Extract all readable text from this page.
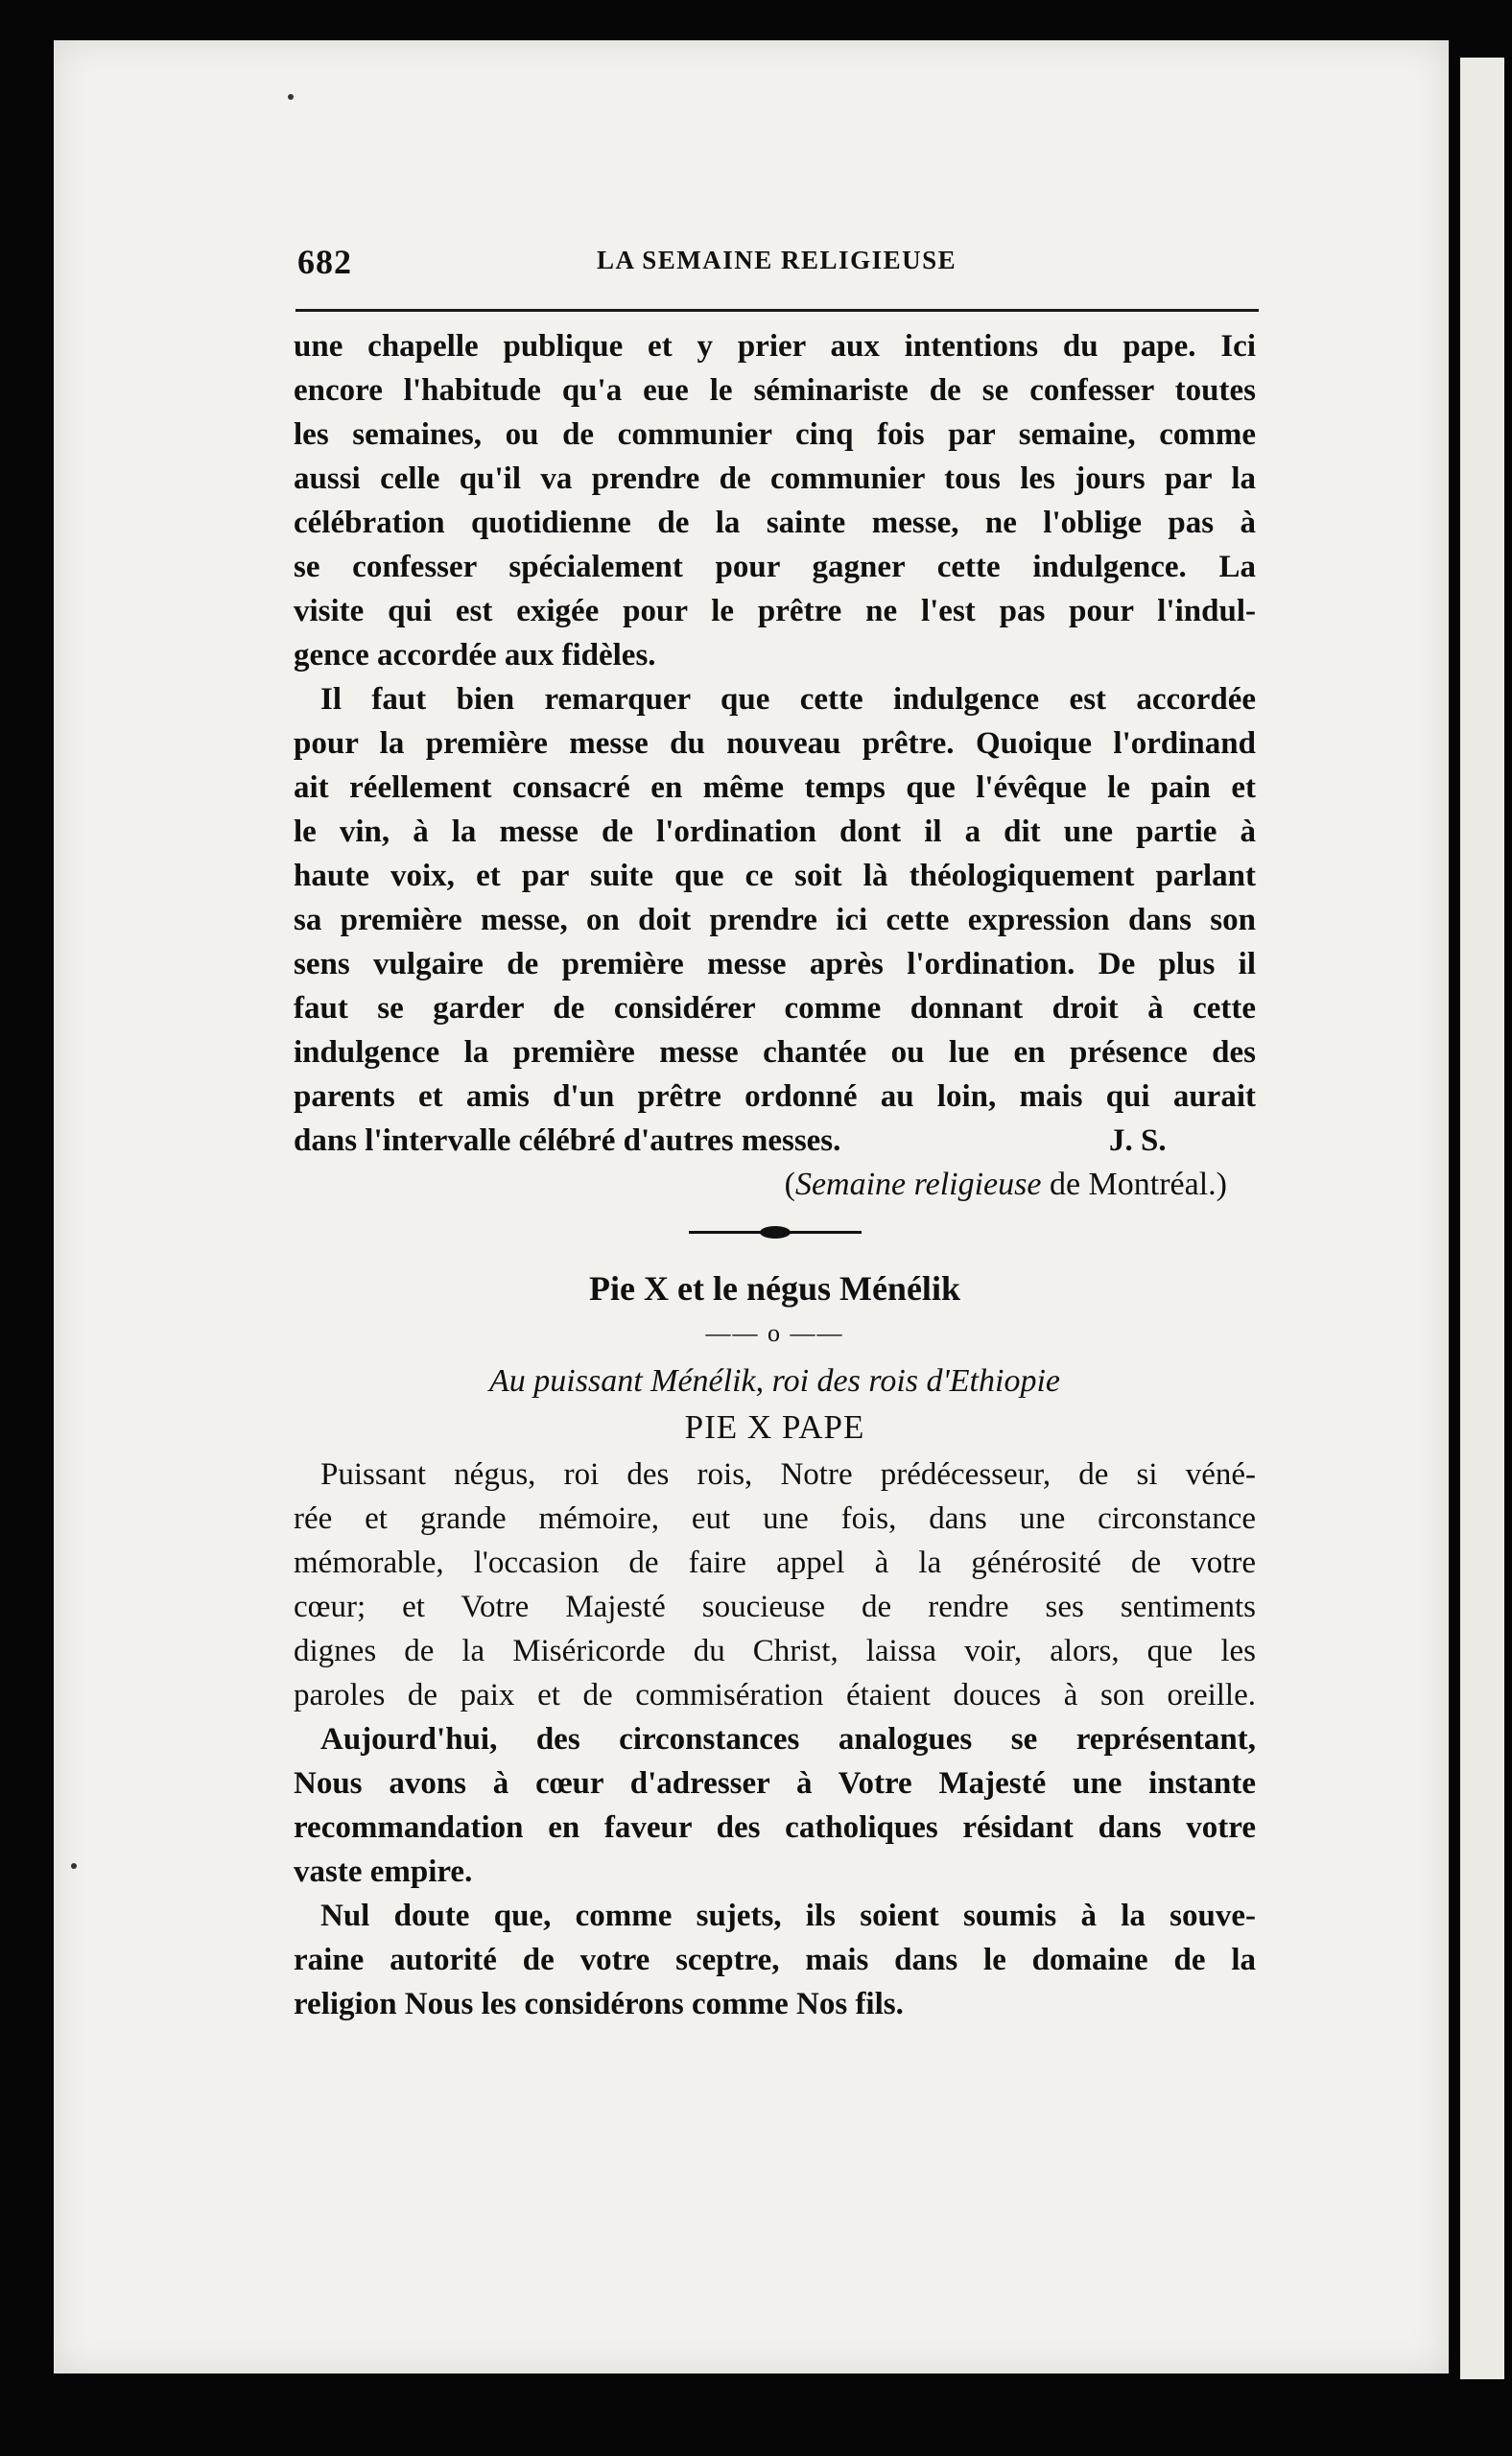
682	LA SEMAINE RELIGIEUSE
une chapelle publique et y prier aux intentions du pape. Ici
encore l'habitude qu'a eue le séminariste de se confesser toutes
les semaines, ou de communier cinq fois par semaine, comme
aussi celle qu'il va prendre de communier tous les jours par la
célébration quotidienne de la sainte messe, ne l'oblige pas à
se confesser spécialement pour gagner cette indulgence. La
visite qui est exigée pour le prêtre ne l'est pas pour l'indul-
gence accordée aux fidèles.
Il faut bien remarquer que cette indulgence est accordée
pour la première messe du nouveau prêtre. Quoique l'ordinand
ait réellement consacré en même temps que l'évêque le pain et
le vin, à la messe de l'ordination dont il a dit une partie à
haute voix, et par suite que ce soit là théologiquement parlant
sa première messe, on doit prendre ici cette expression dans son
sens vulgaire de première messe après l'ordination. De plus il
faut se garder de considérer comme donnant droit à cette
indulgence la première messe chantée ou lue en présence des
parents et amis d'un prêtre ordonné au loin, mais qui aurait
dans l'intervalle célébré d'autres messes.	J. S.
(Semaine religieuse de Montréal.)
Pie X et le négus Ménélik
—— o ——
Au puissant Ménélik, roi des rois d'Ethiopie
PIE X PAPE
Puissant négus, roi des rois, Notre prédécesseur, de si véné-
rée et grande mémoire, eut une fois, dans une circonstance
mémorable, l'occasion de faire appel à la générosité de votre
cœur; et Votre Majesté soucieuse de rendre ses sentiments
dignes de la Miséricorde du Christ, laissa voir, alors, que les
paroles de paix et de commisération étaient douces à son oreille.
Aujourd'hui, des circonstances analogues se représentant,
Nous avons à cœur d'adresser à Votre Majesté une instante
recommandation en faveur des catholiques résidant dans votre
vaste empire.
Nul doute que, comme sujets, ils soient soumis à la souve-
raine autorité de votre sceptre, mais dans le domaine de la
religion Nous les considérons comme Nos fils.
